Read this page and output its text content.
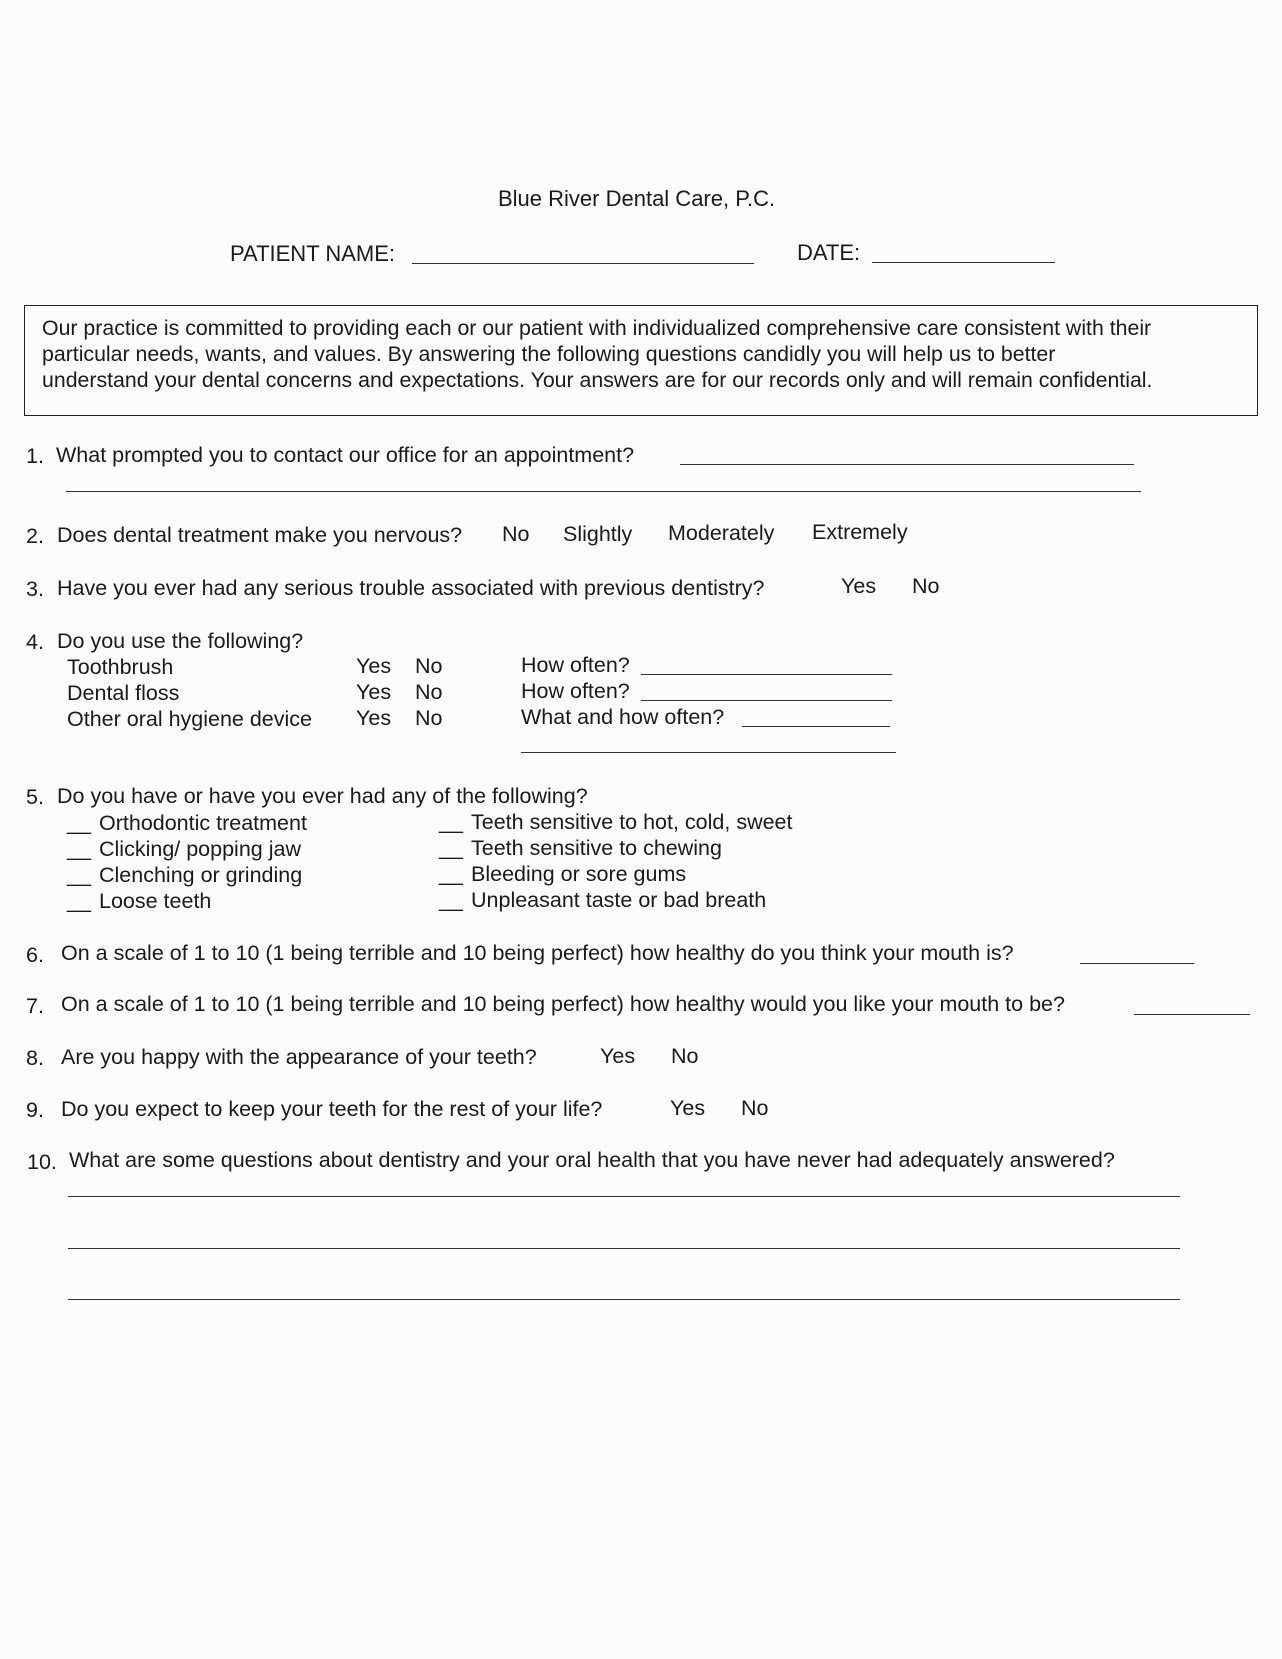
Blue River Dental Care, P.C.
PATIENT NAME:	DATE:

Our practice is committed to providing each or our patient with individualized comprehensive care consistent with their

particular needs, wants, and values. By answering the following questions candidly you will help us to better

understand your dental concerns and expectations. Your answers are for our records only and will remain confidential.

1. What prompted you to contact our office for an appointment?
2. Does dental treatment make you nervous? No Slightly Moderately Extremely
3. Have you ever had any serious trouble associated with previous dentistry?	Yes No
4. Do you use the following?
Toothbrush	Yes No	How often?
Dental floss	Yes No	How often?
Other oral hygiene device Yes No	What and how often?
5. Do you have or have you ever had any of the following?
__ Orthodontic treatment
__ Clicking/ popping jaw
__ Clenching or grinding
__ Loose teeth
__ Teeth sensitive to hot, cold, sweet
__ Teeth sensitive to chewing
__ Bleeding or sore gums
__ Unpleasant taste or bad breath
6. On a scale of 1 to 10 (1 being terrible and 10 being perfect) how healthy do you think your mouth is?
7. On a scale of 1 to 10 (1 being terrible and 10 being perfect) how healthy would you like your mouth to be?
8. Are you happy with the appearance of your teeth?	Yes No
9. Do you expect to keep your teeth for the rest of your life?	Yes No
10. What are some questions about dentistry and your oral health that you have never had adequately answered?
